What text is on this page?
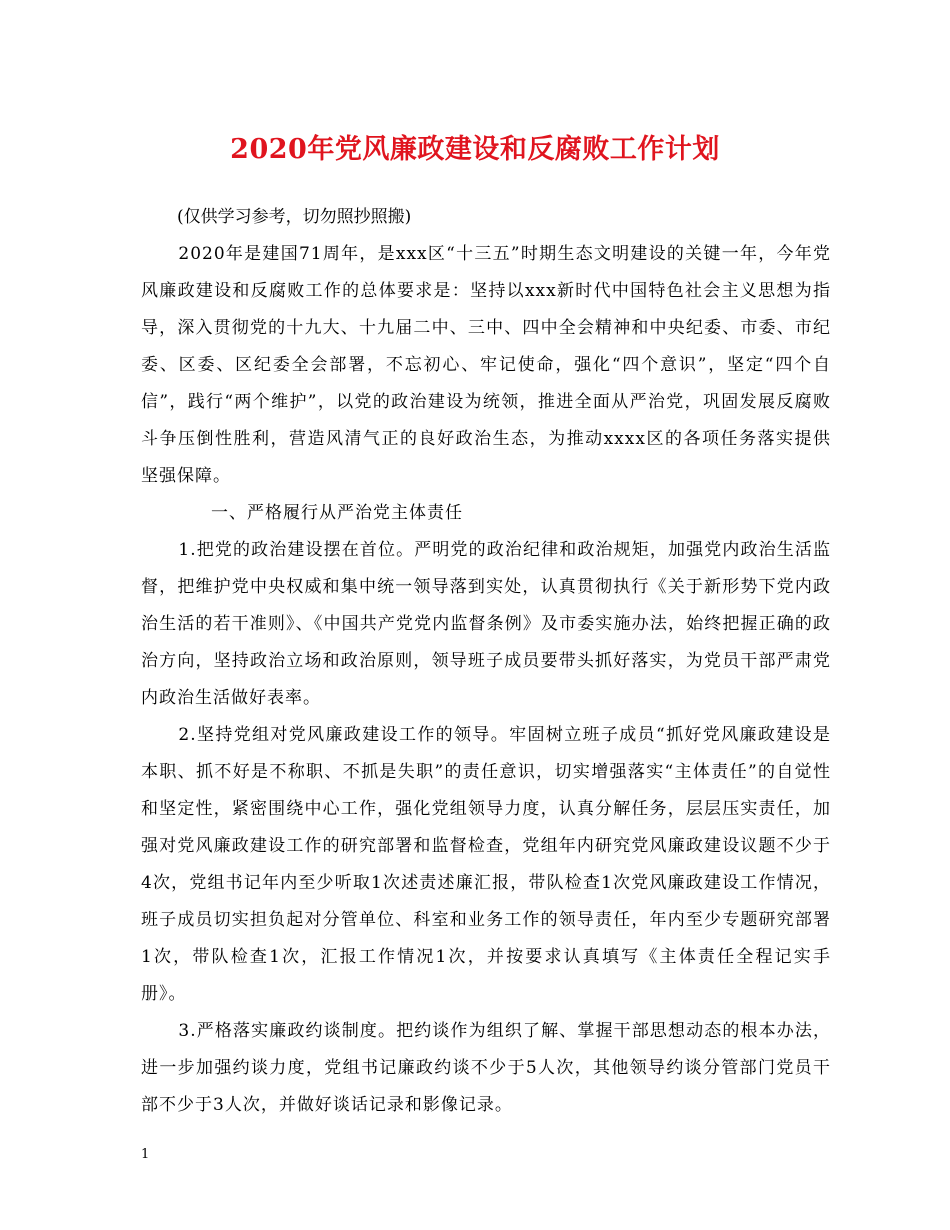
2020年党风廉政建设和反腐败工作计划

(仅供学习参考，切勿照抄照搬)

2020年是建国71周年，是xxx区“十三五”时期生态文明建设的关键一年，今年党风廉政建设和反腐败工作的总体要求是：坚持以xxx新时代中国特色社会主义思想为指导，深入贯彻党的十九大、十九届二中、三中、四中全会精神和中央纪委、市委、市纪委、区委、区纪委全会部署，不忘初心、牢记使命，强化“四个意识”，坚定“四个自信”，践行“两个维护”，以党的政治建设为统领，推进全面从严治党，巩固发展反腐败斗争压倒性胜利，营造风清气正的良好政治生态，为推动xxxx区的各项任务落实提供坚强保障。

一、严格履行从严治党主体责任

1.把党的政治建设摆在首位。严明党的政治纪律和政治规矩，加强党内政治生活监督，把维护党中央权威和集中统一领导落到实处，认真贯彻执行《关于新形势下党内政治生活的若干准则》、《中国共产党党内监督条例》及市委实施办法，始终把握正确的政治方向，坚持政治立场和政治原则，领导班子成员要带头抓好落实，为党员干部严肃党内政治生活做好表率。

2.坚持党组对党风廉政建设工作的领导。牢固树立班子成员“抓好党风廉政建设是本职、抓不好是不称职、不抓是失职”的责任意识，切实增强落实“主体责任”的自觉性和坚定性，紧密围绕中心工作，强化党组领导力度，认真分解任务，层层压实责任，加强对党风廉政建设工作的研究部署和监督检查，党组年内研究党风廉政建设议题不少于4次，党组书记年内至少听取1次述责述廉汇报，带队检查1次党风廉政建设工作情况，班子成员切实担负起对分管单位、科室和业务工作的领导责任，年内至少专题研究部署1次，带队检查1次，汇报工作情况1次，并按要求认真填写《主体责任全程记实手册》。

3.严格落实廉政约谈制度。把约谈作为组织了解、掌握干部思想动态的根本办法，进一步加强约谈力度，党组书记廉政约谈不少于5人次，其他领导约谈分管部门党员干部不少于3人次，并做好谈话记录和影像记录。

1
